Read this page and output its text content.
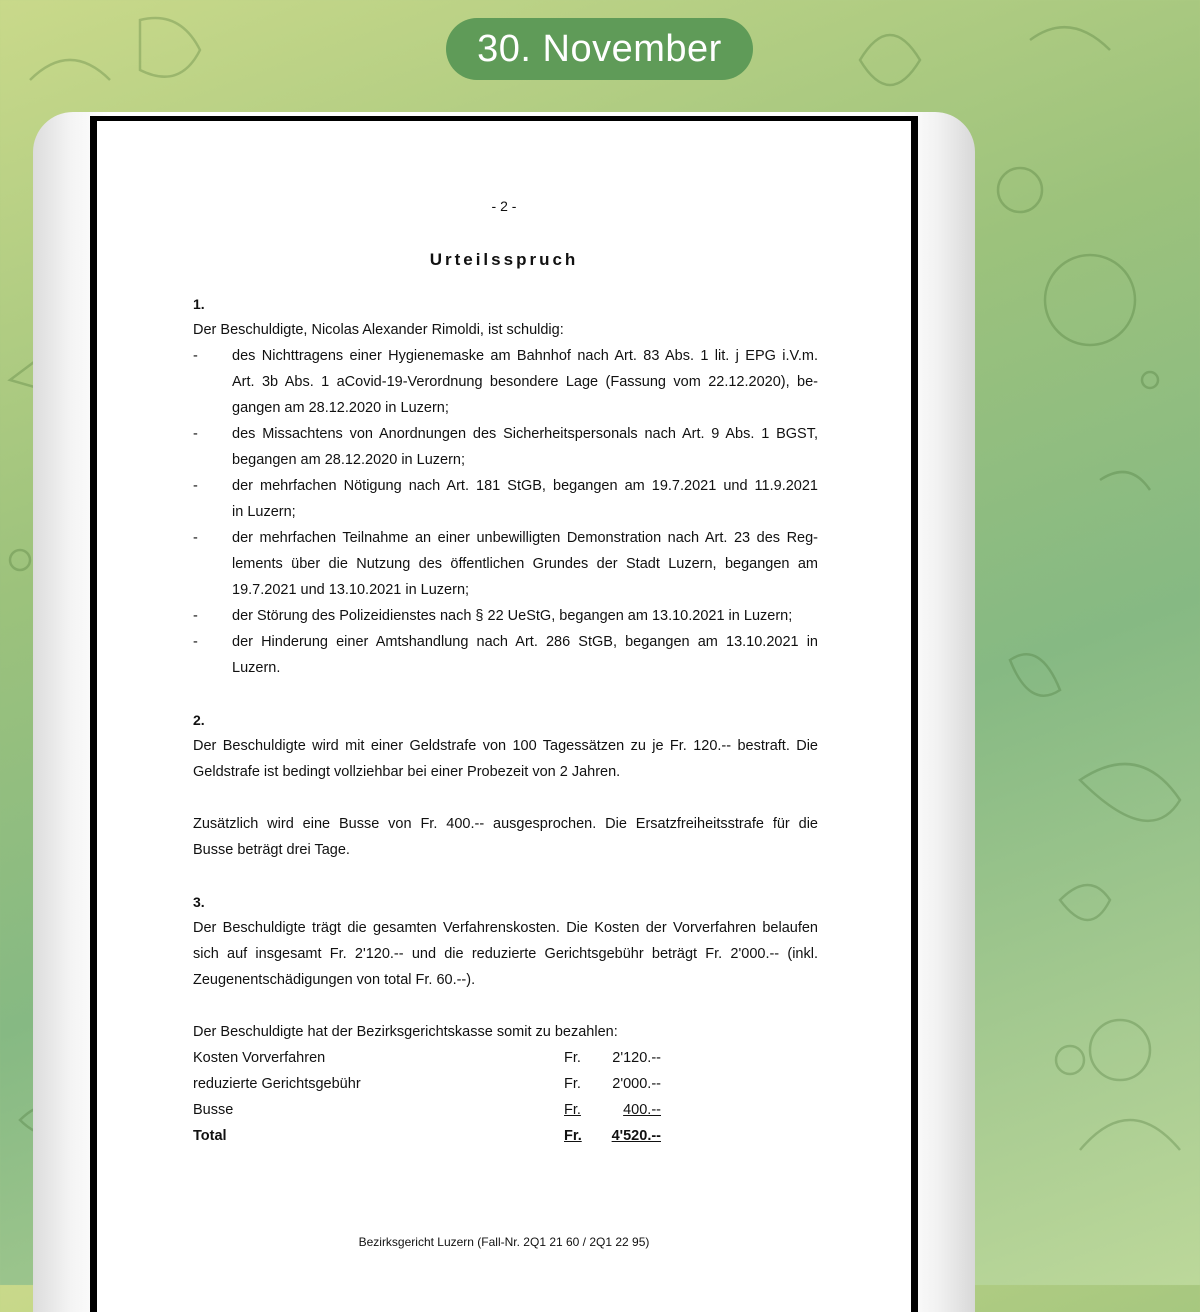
30. November
- 2 -
Urteilsspruch
1.
Der Beschuldigte, Nicolas Alexander Rimoldi, ist schuldig:
- des Nichttragens einer Hygienemaske am Bahnhof nach Art. 83 Abs. 1 lit. j EPG i.V.m.
Art. 3b Abs. 1 aCovid-19-Verordnung besondere Lage (Fassung vom 22.12.2020), be-
gangen am 28.12.2020 in Luzern;
- des Missachtens von Anordnungen des Sicherheitspersonals nach Art. 9 Abs. 1 BGST,
begangen am 28.12.2020 in Luzern;
- der mehrfachen Nötigung nach Art. 181 StGB, begangen am 19.7.2021 und 11.9.2021
in Luzern;
- der mehrfachen Teilnahme an einer unbewilligten Demonstration nach Art. 23 des Reg-
lements über die Nutzung des öffentlichen Grundes der Stadt Luzern, begangen am
19.7.2021 und 13.10.2021 in Luzern;
- der Störung des Polizeidienstes nach § 22 UeStG, begangen am 13.10.2021 in Luzern;
- der Hinderung einer Amtshandlung nach Art. 286 StGB, begangen am 13.10.2021 in
Luzern.
2.
Der Beschuldigte wird mit einer Geldstrafe von 100 Tagessätzen zu je Fr. 120.-- bestraft. Die
Geldstrafe ist bedingt vollziehbar bei einer Probezeit von 2 Jahren.
Zusätzlich wird eine Busse von Fr. 400.-- ausgesprochen. Die Ersatzfreiheitsstrafe für die
Busse beträgt drei Tage.
3.
Der Beschuldigte trägt die gesamten Verfahrenskosten. Die Kosten der Vorverfahren belaufen
sich auf insgesamt Fr. 2'120.-- und die reduzierte Gerichtsgebühr beträgt Fr. 2'000.-- (inkl.
Zeugenentschädigungen von total Fr. 60.--).
Der Beschuldigte hat der Bezirksgerichtskasse somit zu bezahlen:
Kosten Vorverfahren	Fr.	2'120.--
reduzierte Gerichtsgebühr	Fr.	2'000.--
Busse	Fr.	400.--
Total	Fr.	4'520.--
Bezirksgericht Luzern (Fall-Nr. 2Q1 21 60 / 2Q1 22 95)
